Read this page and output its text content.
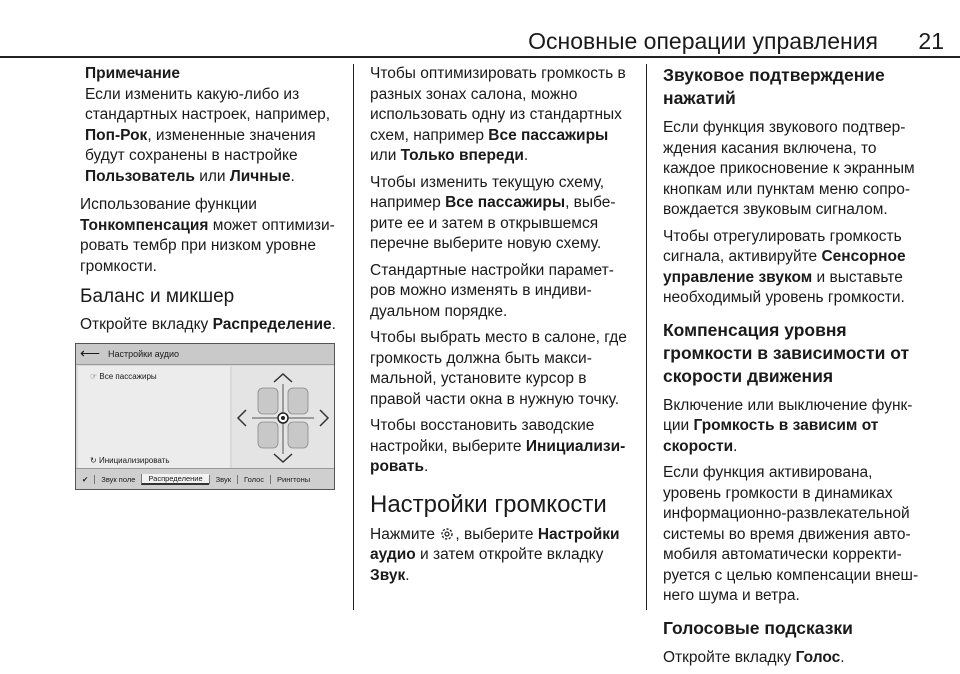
Основные операции управления 21
Примечание
Если изменить какую-либо из стандартных настроек, например, Поп-Рок, измененные значения будут сохранены в настройке Пользователь или Личные.

Использование функции Тонкомпенсация может оптимизи-ровать тембр при низком уровне громкости.

Баланс и микшер

Откройте вкладку Распределение.

⟵ Настройки аудио
☞ Все пассажиры
↻ Инициализировать
✔	Звук поле	Распределение	Звук	Голос	Рингтоны

Чтобы оптимизировать громкость в разных зонах салона, можно использовать одну из стандартных схем, например Все пассажиры или Только впереди.

Чтобы изменить текущую схему, например Все пассажиры, выбе-рите ее и затем в открывшемся перечне выберите новую схему.

Стандартные настройки парамет-ров можно изменять в индиви-дуальном порядке.

Чтобы выбрать место в салоне, где громкость должна быть макси-мальной, установите курсор в правой части окна в нужную точку.

Чтобы восстановить заводские настройки, выберите Инициализи-ровать.

Настройки громкости

Нажмите , выберите Настройки аудио и затем откройте вкладку Звук.

Звуковое подтверждение нажатий

Если функция звукового подтвер-ждения касания включена, то каждое прикосновение к экранным кнопкам или пунктам меню сопро-вождается звуковым сигналом.

Чтобы отрегулировать громкость сигнала, активируйте Сенсорное управление звуком и выставьте необходимый уровень громкости.

Компенсация уровня громкости в зависимости от скорости движения

Включение или выключение функ-ции Громкость в зависим от скорости.

Если функция активирована, уровень громкости в динамиках информационно-развлекательной системы во время движения авто-мобиля автоматически корректи-руется с целью компенсации внеш-него шума и ветра.

Голосовые подсказки

Откройте вкладку Голос.
